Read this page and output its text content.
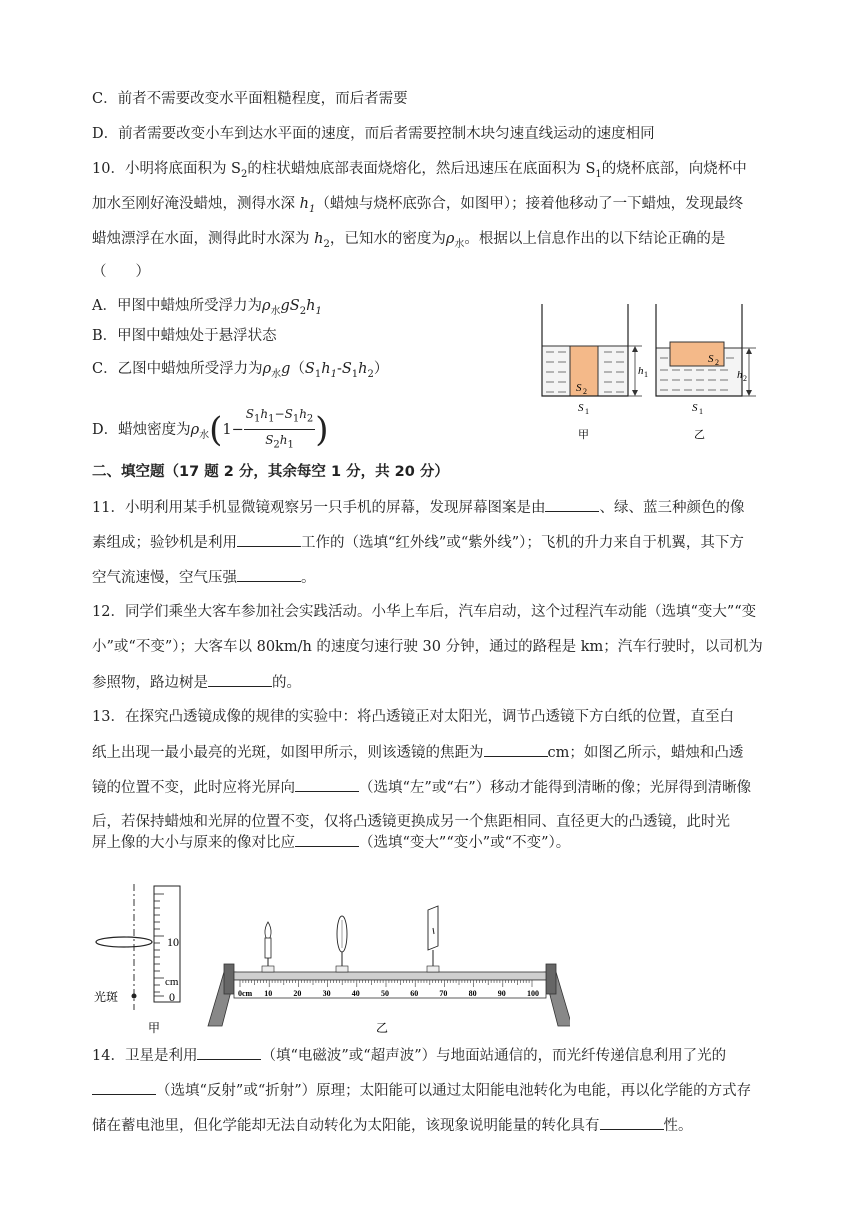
C．前者不需要改变水平面粗糙程度，而后者需要
D．前者需要改变小车到达水平面的速度，而后者需要控制木块匀速直线运动的速度相同
10．小明将底面积为 $S_2$的柱状蜡烛底部表面烧熔化，然后迅速压在底面积为 $S_1$的烧杯底部，向烧杯中
加水至刚好淹没蜡烛，测得水深 $h_1$（蜡烛与烧杯底弥合，如图甲）；接着他移动了一下蜡烛，发现最终
蜡烛漂浮在水面，测得此时水深为 $h_2$，已知水的密度为$\rho_水$。根据以上信息作出的以下结论正确的是
（　　）
A．甲图中蜡烛所受浮力为$\rho_水gS_2h_1$
B．甲图中蜡烛处于悬浮状态
C．乙图中蜡烛所受浮力为$\rho_水g(S_1h_1-S_1h_2)$
D．蜡烛密度为$\rho_水(1- \frac{S_1h_1-S_1h_2}{S_2h_1}$ )
S 2
h 1
S 1
甲
S 2
h 2
S 1
乙
二、填空题（17 题 2 分，其余每空 1 分，共 20 分）
11．小明利用某手机显微镜观察另一只手机的屏幕，发现屏幕图案是由	、绿、蓝三种颜色的像
素组成；验钞机是利用	工作的（选填“红外线”或“紫外线”）；飞机的升力来自于机翼，其下方
空气流速慢，空气压强	。
12．同学们乘坐大客车参加社会实践活动。小华上车后，汽车启动，这个过程汽车动能（选填“变大”“变
小”或“不变”）；大客车以 80km/h 的速度匀速行驶 30 分钟，通过的路程是 km；汽车行驶时，以司机为
参照物，路边树是	的。
13．在探究凸透镜成像的规律的实验中：将凸透镜正对太阳光，调节凸透镜下方白纸的位置，直至白
纸上出现一最小最亮的光斑，如图甲所示，则该透镜的焦距为	cm；如图乙所示，蜡烛和凸透
镜的位置不变，此时应将光屏向	（选填“左”或“右”）移动才能得到清晰的像；光屏得到清晰像
后，若保持蜡烛和光屏的位置不变，仅将凸透镜更换成另一个焦距相同、直径更大的凸透镜，此时光
屏上像的大小与原来的像对比应	（选填“变大”“变小”或“不变”）。
光斑
10
cm
0
甲
0cm 10	20	30	40	50	60	70	80	90	100
乙
14．卫星是利用	（填“电磁波”或“超声波”）与地面站通信的，而光纤传递信息利用了光的
（选填“反射”或“折射”）原理；太阳能可以通过太阳能电池转化为电能，再以化学能的方式存
储在蓄电池里，但化学能却无法自动转化为太阳能，该现象说明能量的转化具有	性。
